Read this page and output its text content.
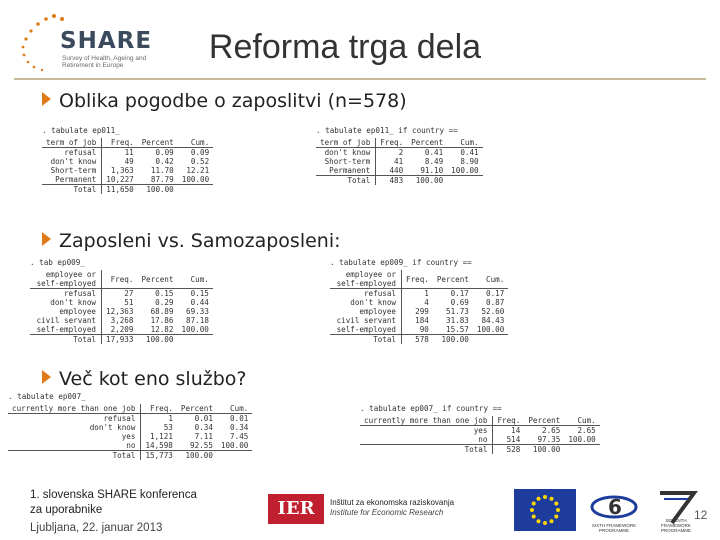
SHARE
Survey of Health, Ageing and Retirement in Europe	Reforma trga dela
Oblika pogodbe o zaposlitvi (n=578)
. tabulate ep011_
term of job	Freq.	Percent	Cum.
refusal	11	0.09	0.09
don't know	49	0.42	0.52
Short-term	1,363	11.70	12.21
Permanent	10,227	87.79	100.00
Total	11,650	100.00	
. tabulate ep011_ if country ==
term of job	Freq.	Percent	Cum.
don't know	2	0.41	0.41
Short-term	41	8.49	8.90
Permanent	440	91.10	100.00
Total	483	100.00	
Zaposleni vs. Samozaposleni:
. tab ep009_
employee or self-employed	Freq.	Percent	Cum.
refusal	27	0.15	0.15
don't know	51	0.29	0.44
employee	12,363	68.89	69.33
civil servant	3,268	17.86	87.18
self-employed	2,209	12.82	100.00
Total	17,933	100.00	
. tabulate ep009_ if country ==
employee or self-employed	Freq.	Percent	Cum.
refusal	1	0.17	0.17
don't know	4	0.69	0.87
employee	299	51.73	52.60
civil servant	184	31.83	84.43
self-employed	90	15.57	100.00
Total	578	100.00	
Več kot eno službo?
. tabulate ep007_
currently more than one job	Freq.	Percent	Cum.
refusal	1	0.01	0.01
don't know	53	0.34	0.34
yes	1,121	7.11	7.45
no	14,598	92.55	100.00
Total	15,773	100.00	
. tabulate ep007_ if country ==
currently more than one job	Freq.	Percent	Cum.
yes	14	2.65	2.65
no	514	97.35	100.00
Total	528	100.00	
1. slovenska SHARE konferenca
za uporabnike
Ljubljana, 22. januar 2013
IER	Inštitut za ekonomska raziskovanja
Institute for Economic Research	6
SIXTH FRAMEWORK PROGRAMME
SEVENTH FRAMEWORK PROGRAMME
12
